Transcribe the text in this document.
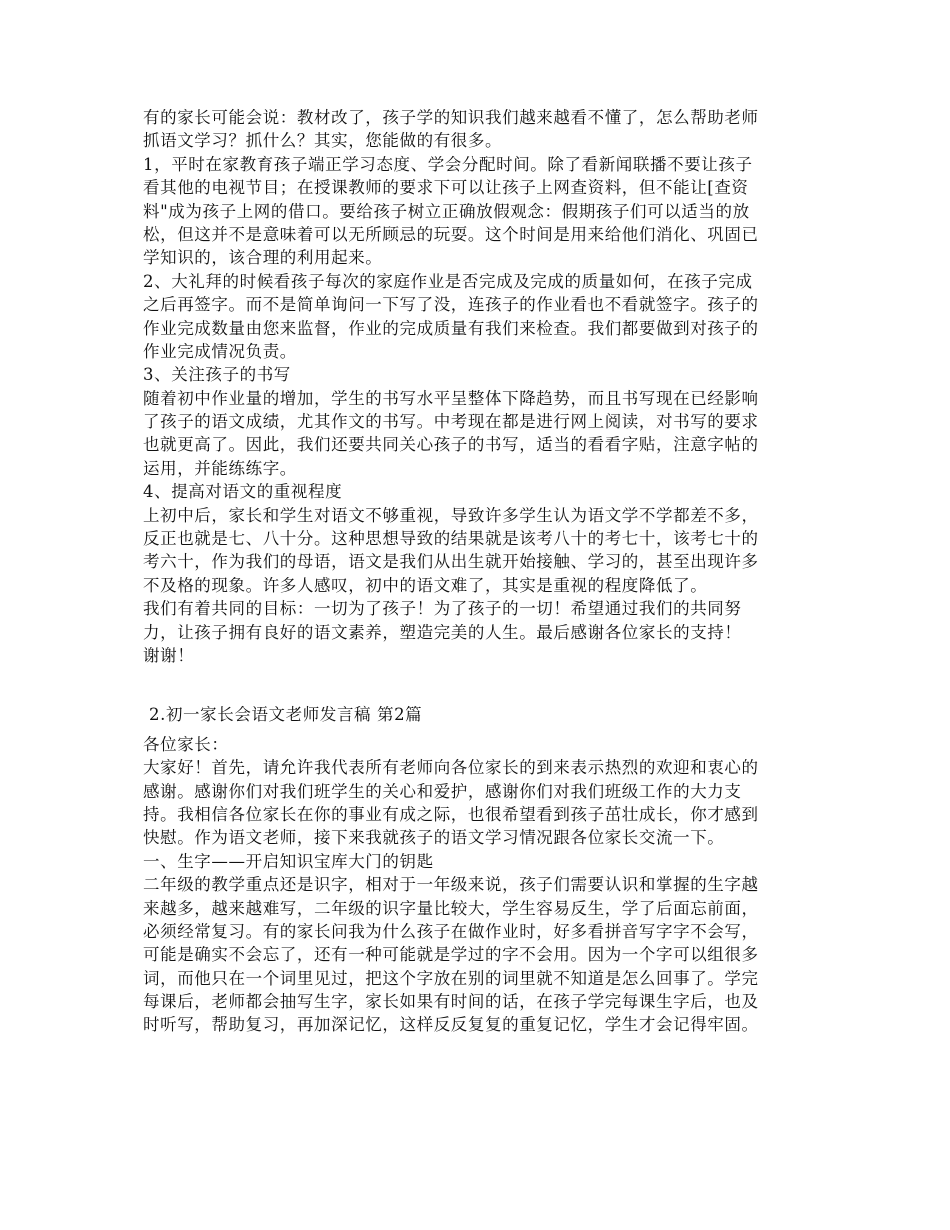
有的家长可能会说：教材改了，孩子学的知识我们越来越看不懂了，怎么帮助老师
抓语文学习？抓什么？其实，您能做的有很多。
1，平时在家教育孩子端正学习态度、学会分配时间。除了看新闻联播不要让孩子
看其他的电视节目；在授课教师的要求下可以让孩子上网查资料，但不能让[查资
料"成为孩子上网的借口。要给孩子树立正确放假观念：假期孩子们可以适当的放
松，但这并不是意味着可以无所顾忌的玩耍。这个时间是用来给他们消化、巩固已
学知识的，该合理的利用起来。
2、大礼拜的时候看孩子每次的家庭作业是否完成及完成的质量如何，在孩子完成
之后再签字。而不是简单询问一下写了没，连孩子的作业看也不看就签字。孩子的
作业完成数量由您来监督，作业的完成质量有我们来检查。我们都要做到对孩子的
作业完成情况负责。
3、关注孩子的书写
随着初中作业量的增加，学生的书写水平呈整体下降趋势，而且书写现在已经影响
了孩子的语文成绩，尤其作文的书写。中考现在都是进行网上阅读，对书写的要求
也就更高了。因此，我们还要共同关心孩子的书写，适当的看看字贴，注意字帖的
运用，并能练练字。
4、提高对语文的重视程度
上初中后，家长和学生对语文不够重视，导致许多学生认为语文学不学都差不多，
反正也就是七、八十分。这种思想导致的结果就是该考八十的考七十，该考七十的
考六十，作为我们的母语，语文是我们从出生就开始接触、学习的，甚至出现许多
不及格的现象。许多人感叹，初中的语文难了，其实是重视的程度降低了。
我们有着共同的目标：一切为了孩子！为了孩子的一切！希望通过我们的共同努
力，让孩子拥有良好的语文素养，塑造完美的人生。最后感谢各位家长的支持！
谢谢！
2.初一家长会语文老师发言稿 第2篇
各位家长：
大家好！首先，请允许我代表所有老师向各位家长的到来表示热烈的欢迎和衷心的
感谢。感谢你们对我们班学生的关心和爱护，感谢你们对我们班级工作的大力支
持。我相信各位家长在你的事业有成之际，也很希望看到孩子茁壮成长，你才感到
快慰。作为语文老师，接下来我就孩子的语文学习情况跟各位家长交流一下。
一、生字——开启知识宝库大门的钥匙
二年级的教学重点还是识字，相对于一年级来说，孩子们需要认识和掌握的生字越
来越多，越来越难写，二年级的识字量比较大，学生容易反生，学了后面忘前面，
必须经常复习。有的家长问我为什么孩子在做作业时，好多看拼音写字字不会写，
可能是确实不会忘了，还有一种可能就是学过的字不会用。因为一个字可以组很多
词，而他只在一个词里见过，把这个字放在别的词里就不知道是怎么回事了。学完
每课后，老师都会抽写生字，家长如果有时间的话，在孩子学完每课生字后，也及
时听写，帮助复习，再加深记忆，这样反反复复的重复记忆，学生才会记得牢固。
